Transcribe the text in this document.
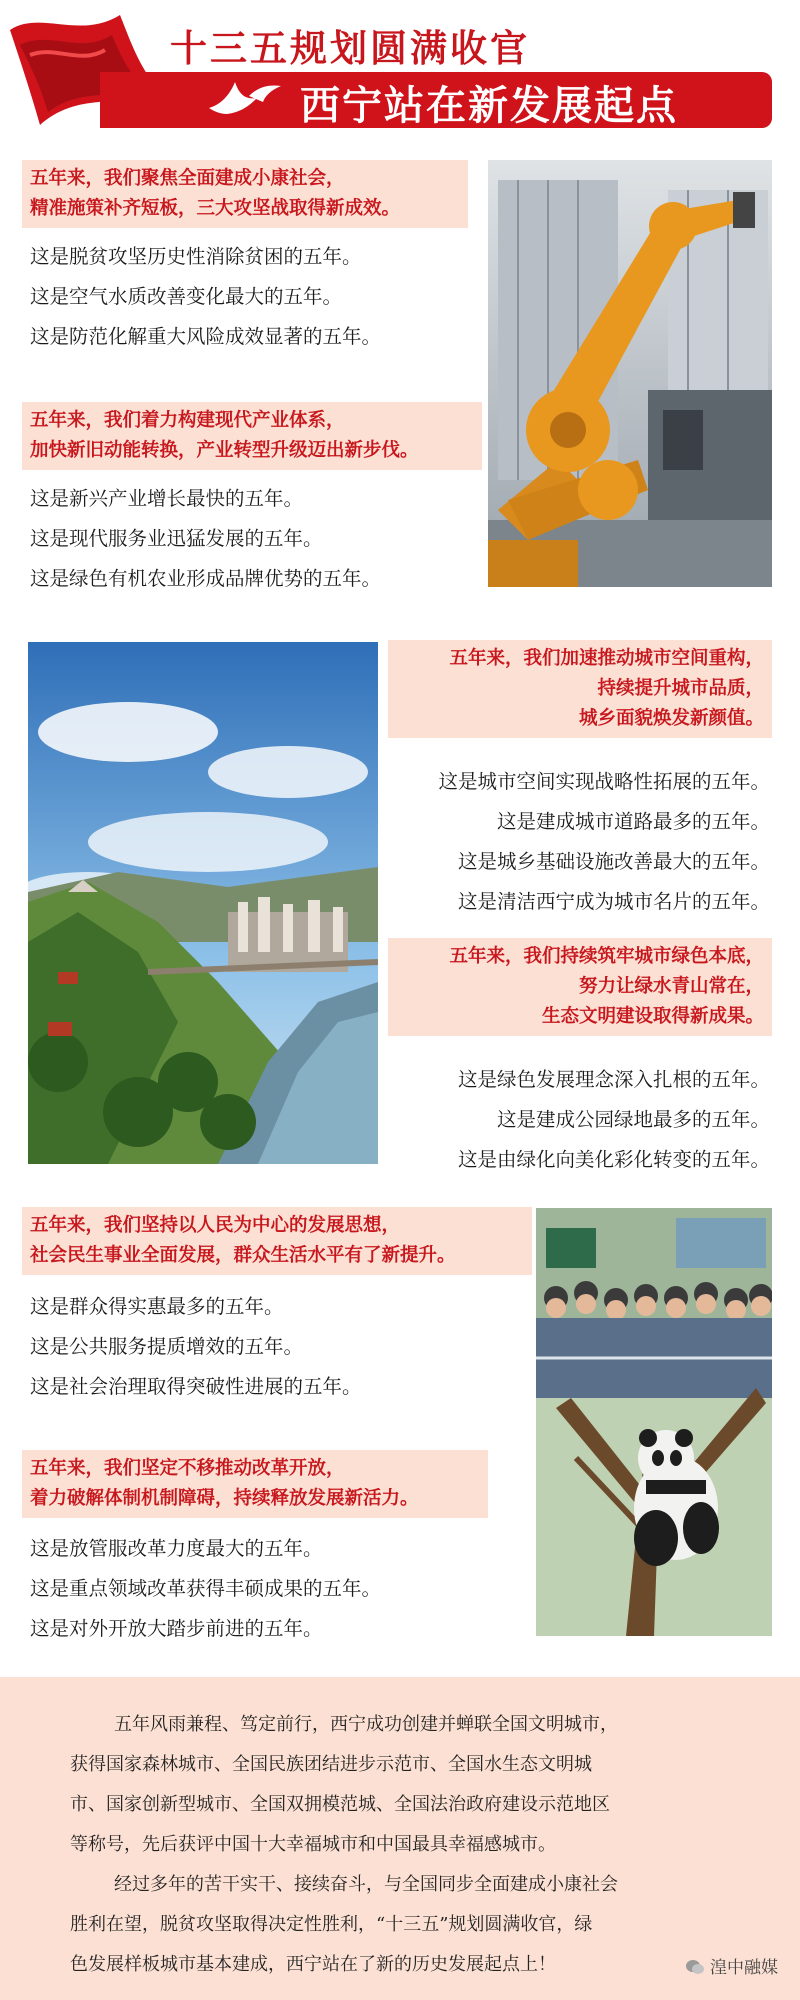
十三五规划圆满收官
西宁站在新发展起点
五年来，我们聚焦全面建成小康社会，
精准施策补齐短板，三大攻坚战取得新成效。
这是脱贫攻坚历史性消除贫困的五年。
这是空气水质改善变化最大的五年。
这是防范化解重大风险成效显著的五年。
五年来，我们着力构建现代产业体系，
加快新旧动能转换，产业转型升级迈出新步伐。
这是新兴产业增长最快的五年。
这是现代服务业迅猛发展的五年。
这是绿色有机农业形成品牌优势的五年。
五年来，我们加速推动城市空间重构，
持续提升城市品质，
城乡面貌焕发新颜值。
这是城市空间实现战略性拓展的五年。
这是建成城市道路最多的五年。
这是城乡基础设施改善最大的五年。
这是清洁西宁成为城市名片的五年。
五年来，我们持续筑牢城市绿色本底，
努力让绿水青山常在，
生态文明建设取得新成果。
这是绿色发展理念深入扎根的五年。
这是建成公园绿地最多的五年。
这是由绿化向美化彩化转变的五年。
五年来，我们坚持以人民为中心的发展思想，
社会民生事业全面发展，群众生活水平有了新提升。
这是群众得实惠最多的五年。
这是公共服务提质增效的五年。
这是社会治理取得突破性进展的五年。
五年来，我们坚定不移推动改革开放，
着力破解体制机制障碍，持续释放发展新活力。
这是放管服改革力度最大的五年。
这是重点领域改革获得丰硕成果的五年。
这是对外开放大踏步前进的五年。
五年风雨兼程、笃定前行，西宁成功创建并蝉联全国文明城市，
获得国家森林城市、全国民族团结进步示范市、全国水生态文明城
市、国家创新型城市、全国双拥模范城、全国法治政府建设示范地区
等称号，先后获评中国十大幸福城市和中国最具幸福感城市。
经过多年的苦干实干、接续奋斗，与全国同步全面建成小康社会
胜利在望，脱贫攻坚取得决定性胜利，“十三五”规划圆满收官，绿
色发展样板城市基本建成，西宁站在了新的历史发展起点上！	湟中融媒
